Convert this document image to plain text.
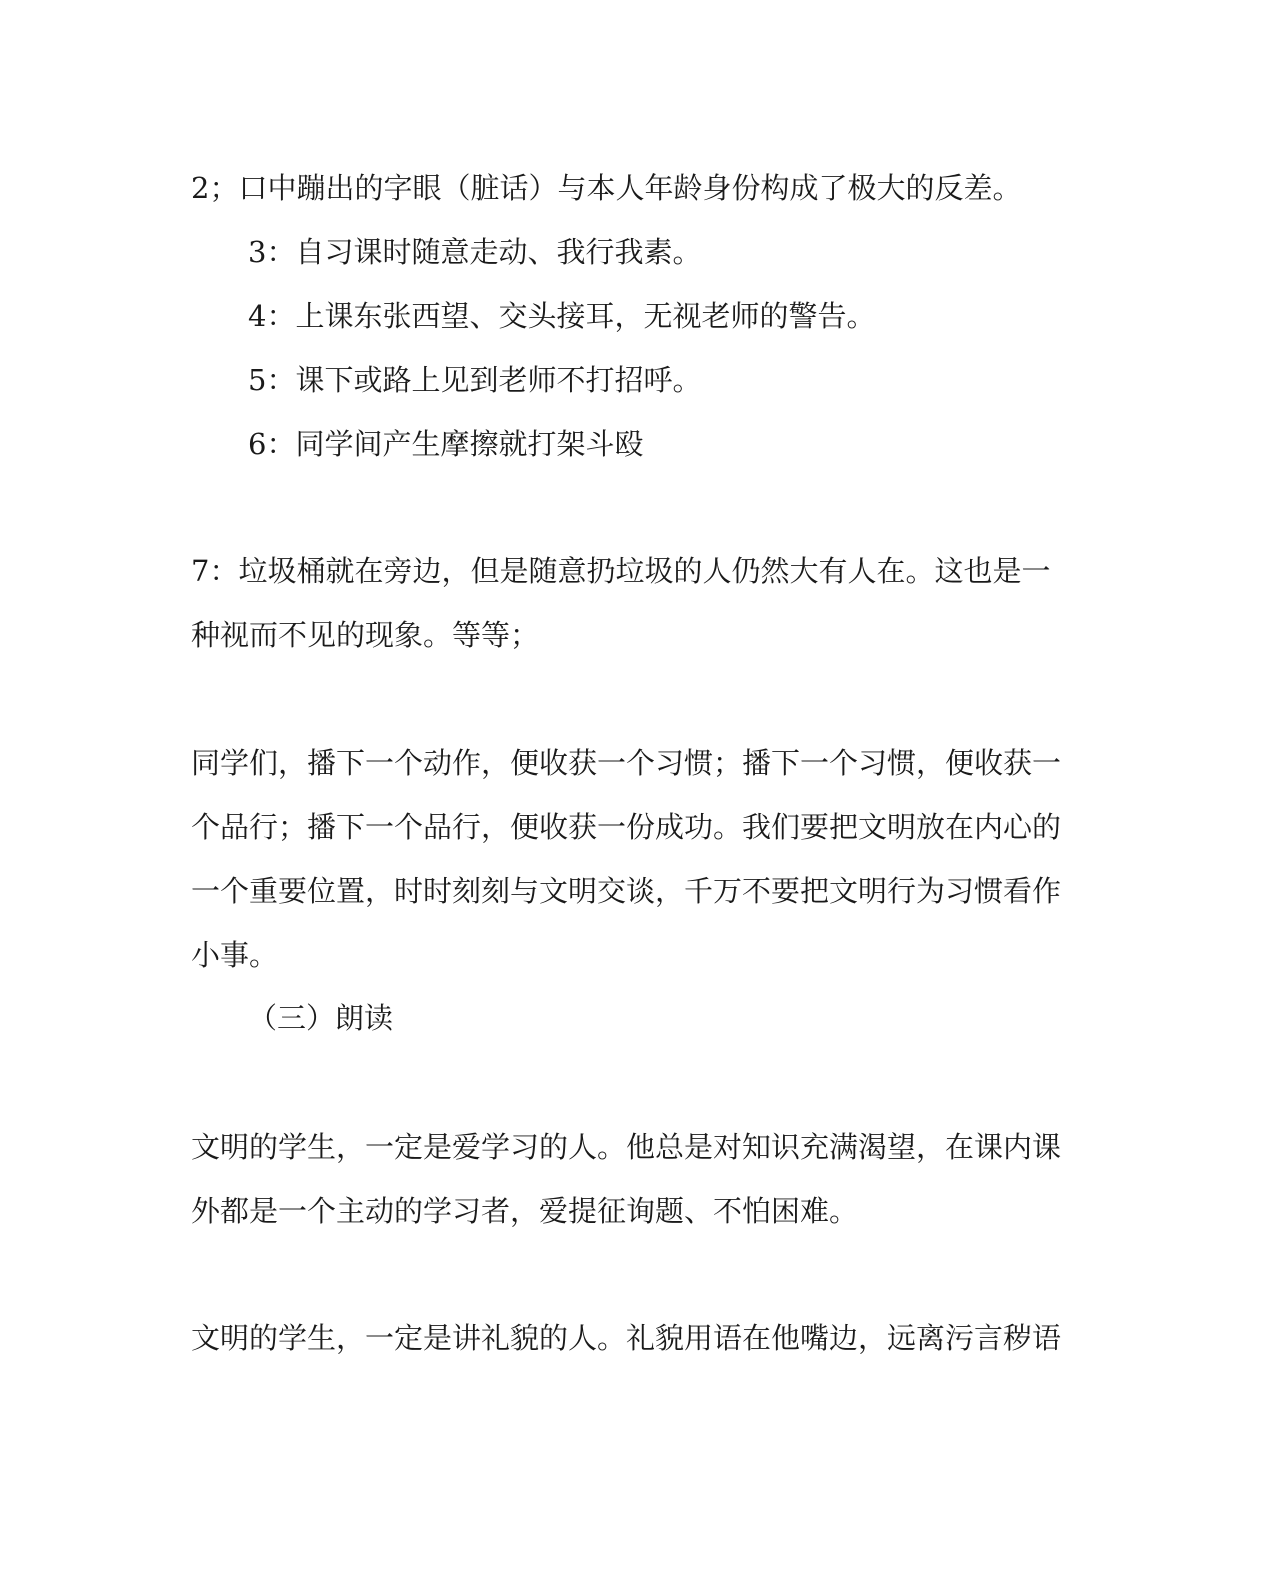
2；口中蹦出的字眼（脏话）与本人年龄身份构成了极大的反差。
3：自习课时随意走动、我行我素。
4：上课东张西望、交头接耳，无视老师的警告。
5：课下或路上见到老师不打招呼。
6：同学间产生摩擦就打架斗殴
7：垃圾桶就在旁边，但是随意扔垃圾的人仍然大有人在。这也是一
种视而不见的现象。等等；
同学们，播下一个动作，便收获一个习惯；播下一个习惯，便收获一
个品行；播下一个品行，便收获一份成功。我们要把文明放在内心的
一个重要位置，时时刻刻与文明交谈，千万不要把文明行为习惯看作
小事。
（三）朗读
文明的学生，一定是爱学习的人。他总是对知识充满渴望，在课内课
外都是一个主动的学习者，爱提征询题、不怕困难。
文明的学生，一定是讲礼貌的人。礼貌用语在他嘴边，远离污言秽语
